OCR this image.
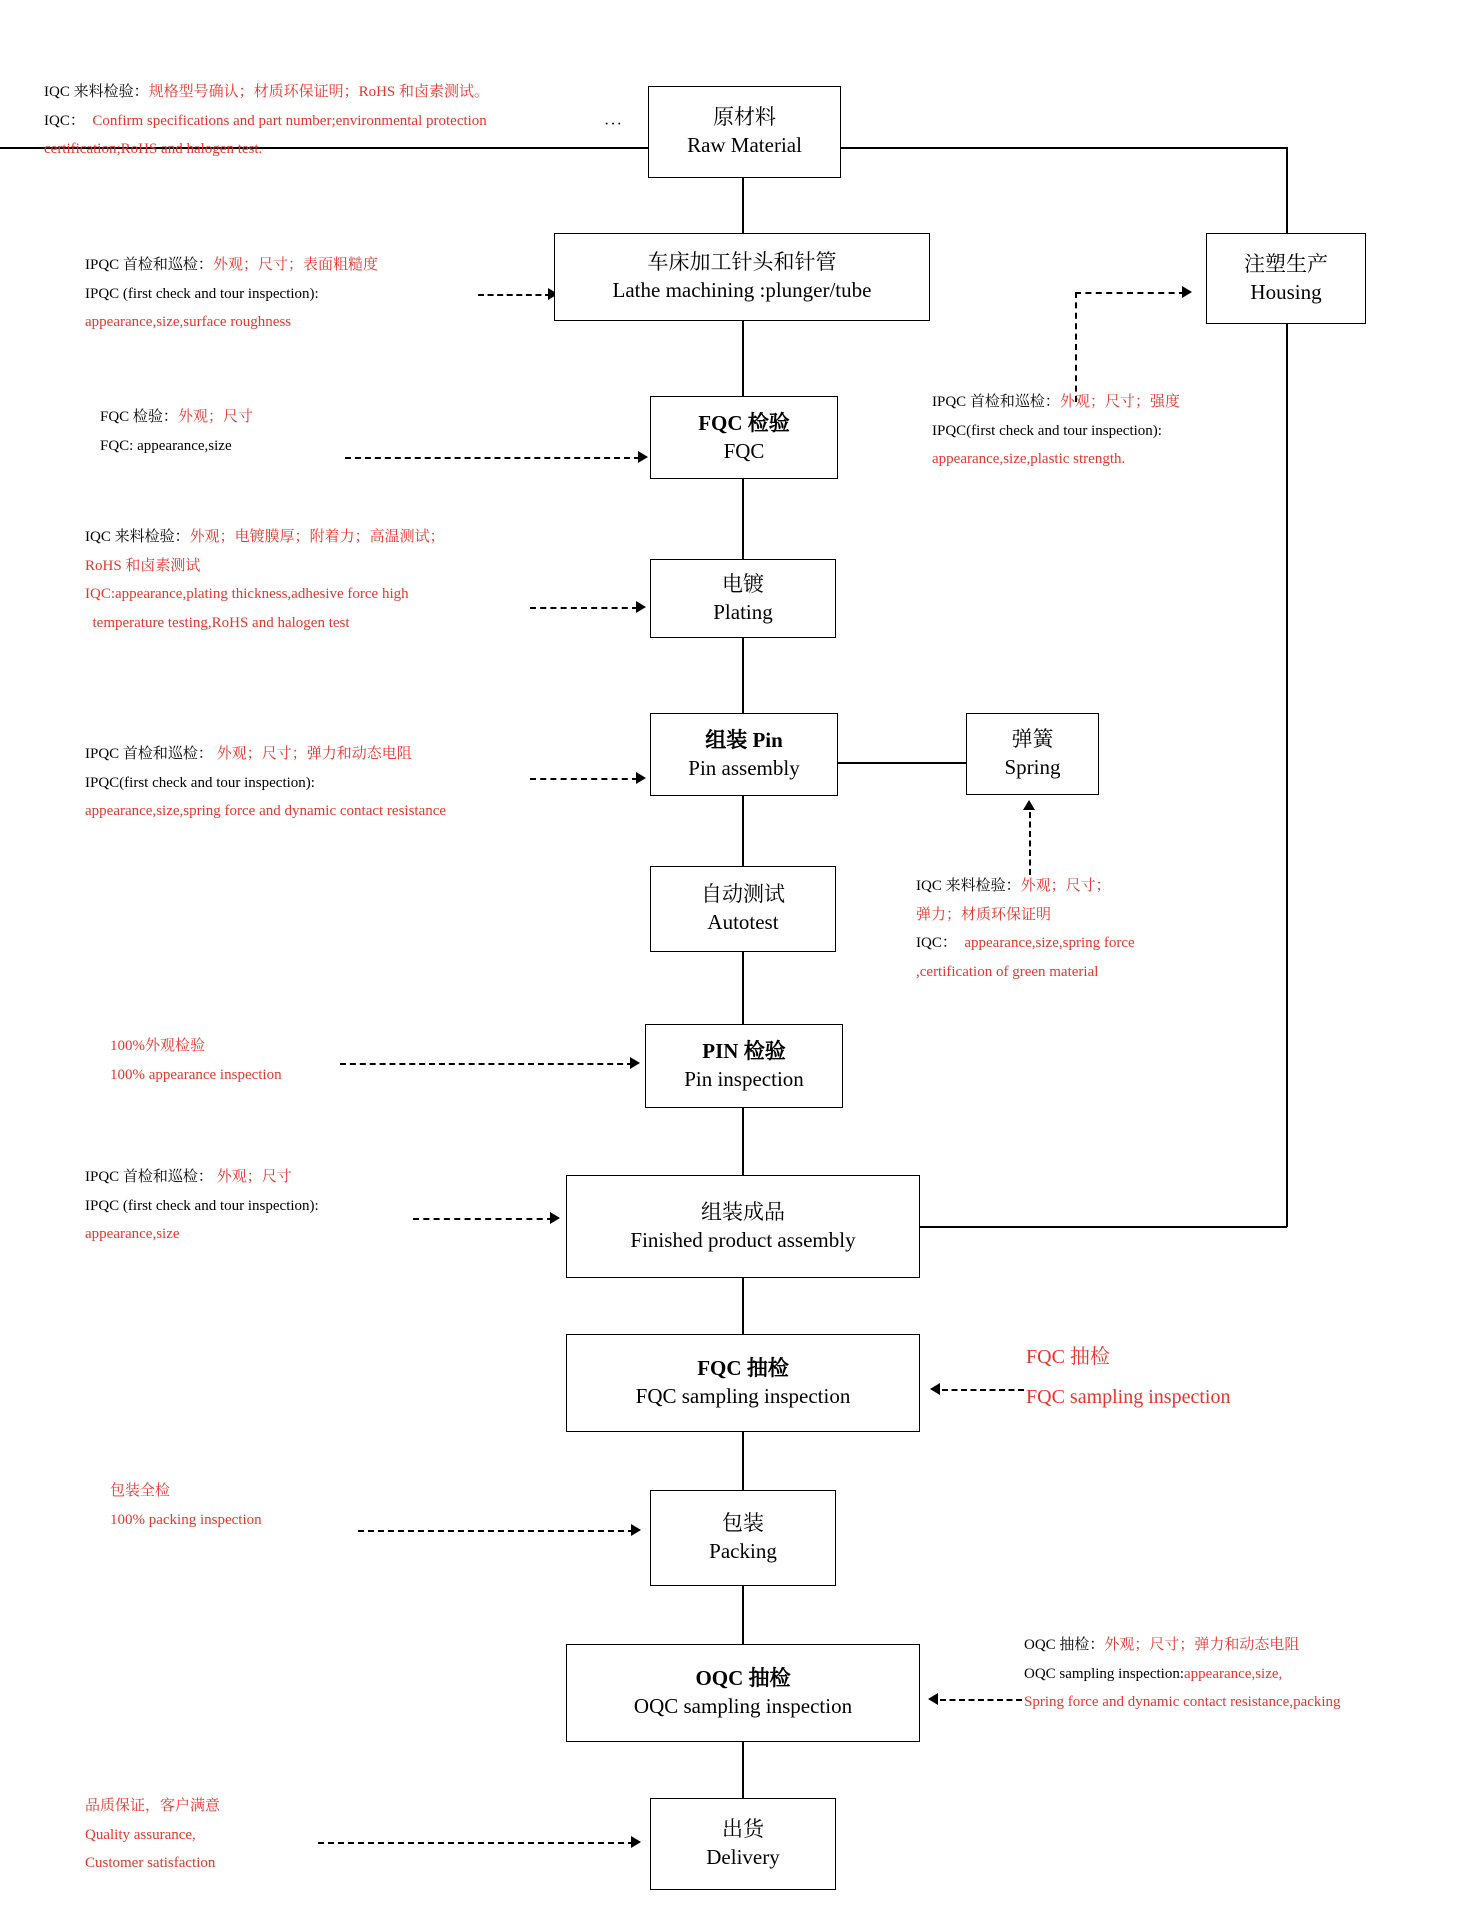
原材料
Raw Material
车床加工针头和针管
Lathe machining :plunger/tube
注塑生产
Housing
FQC 检验
FQC
电镀
Plating
组装 Pin
Pin assembly
弹簧
Spring
自动测试
Autotest
PIN 检验
Pin inspection
组装成品
Finished product assembly
FQC 抽检
FQC sampling inspection
包装
Packing
OQC 抽检
OQC sampling inspection
出货
Delivery
···
IQC 来料检验：规格型号确认；材质环保证明；RoHS 和卤素测试。
IQC： Confirm specifications and part number;environmental protection
certification;RoHS and halogen test.
IPQC 首检和巡检：外观；尺寸；表面粗糙度
IPQC (first check and tour inspection):
appearance,size,surface roughness
IPQC 首检和巡检：外观；尺寸；强度
IPQC(first check and tour inspection):
appearance,size,plastic strength.
FQC 检验：外观；尺寸
FQC: appearance,size
IQC 来料检验：外观；电镀膜厚；附着力；高温测试；
RoHS 和卤素测试
IQC:appearance,plating thickness,adhesive force high
temperature testing,RoHS and halogen test
IPQC 首检和巡检： 外观；尺寸；弹力和动态电阻
IPQC(first check and tour inspection):
appearance,size,spring force and dynamic contact resistance
IQC 来料检验：外观；尺寸；
弹力；材质环保证明
IQC： appearance,size,spring force
,certification of green material
100%外观检验
100% appearance inspection
IPQC 首检和巡检： 外观；尺寸
IPQC (first check and tour inspection):
appearance,size
FQC 抽检
FQC sampling inspection
包装全检
100% packing inspection
OQC 抽检：外观；尺寸；弹力和动态电阻
OQC sampling inspection:appearance,size,
Spring force and dynamic contact resistance,packing
品质保证，客户满意
Quality assurance,
Customer satisfaction
